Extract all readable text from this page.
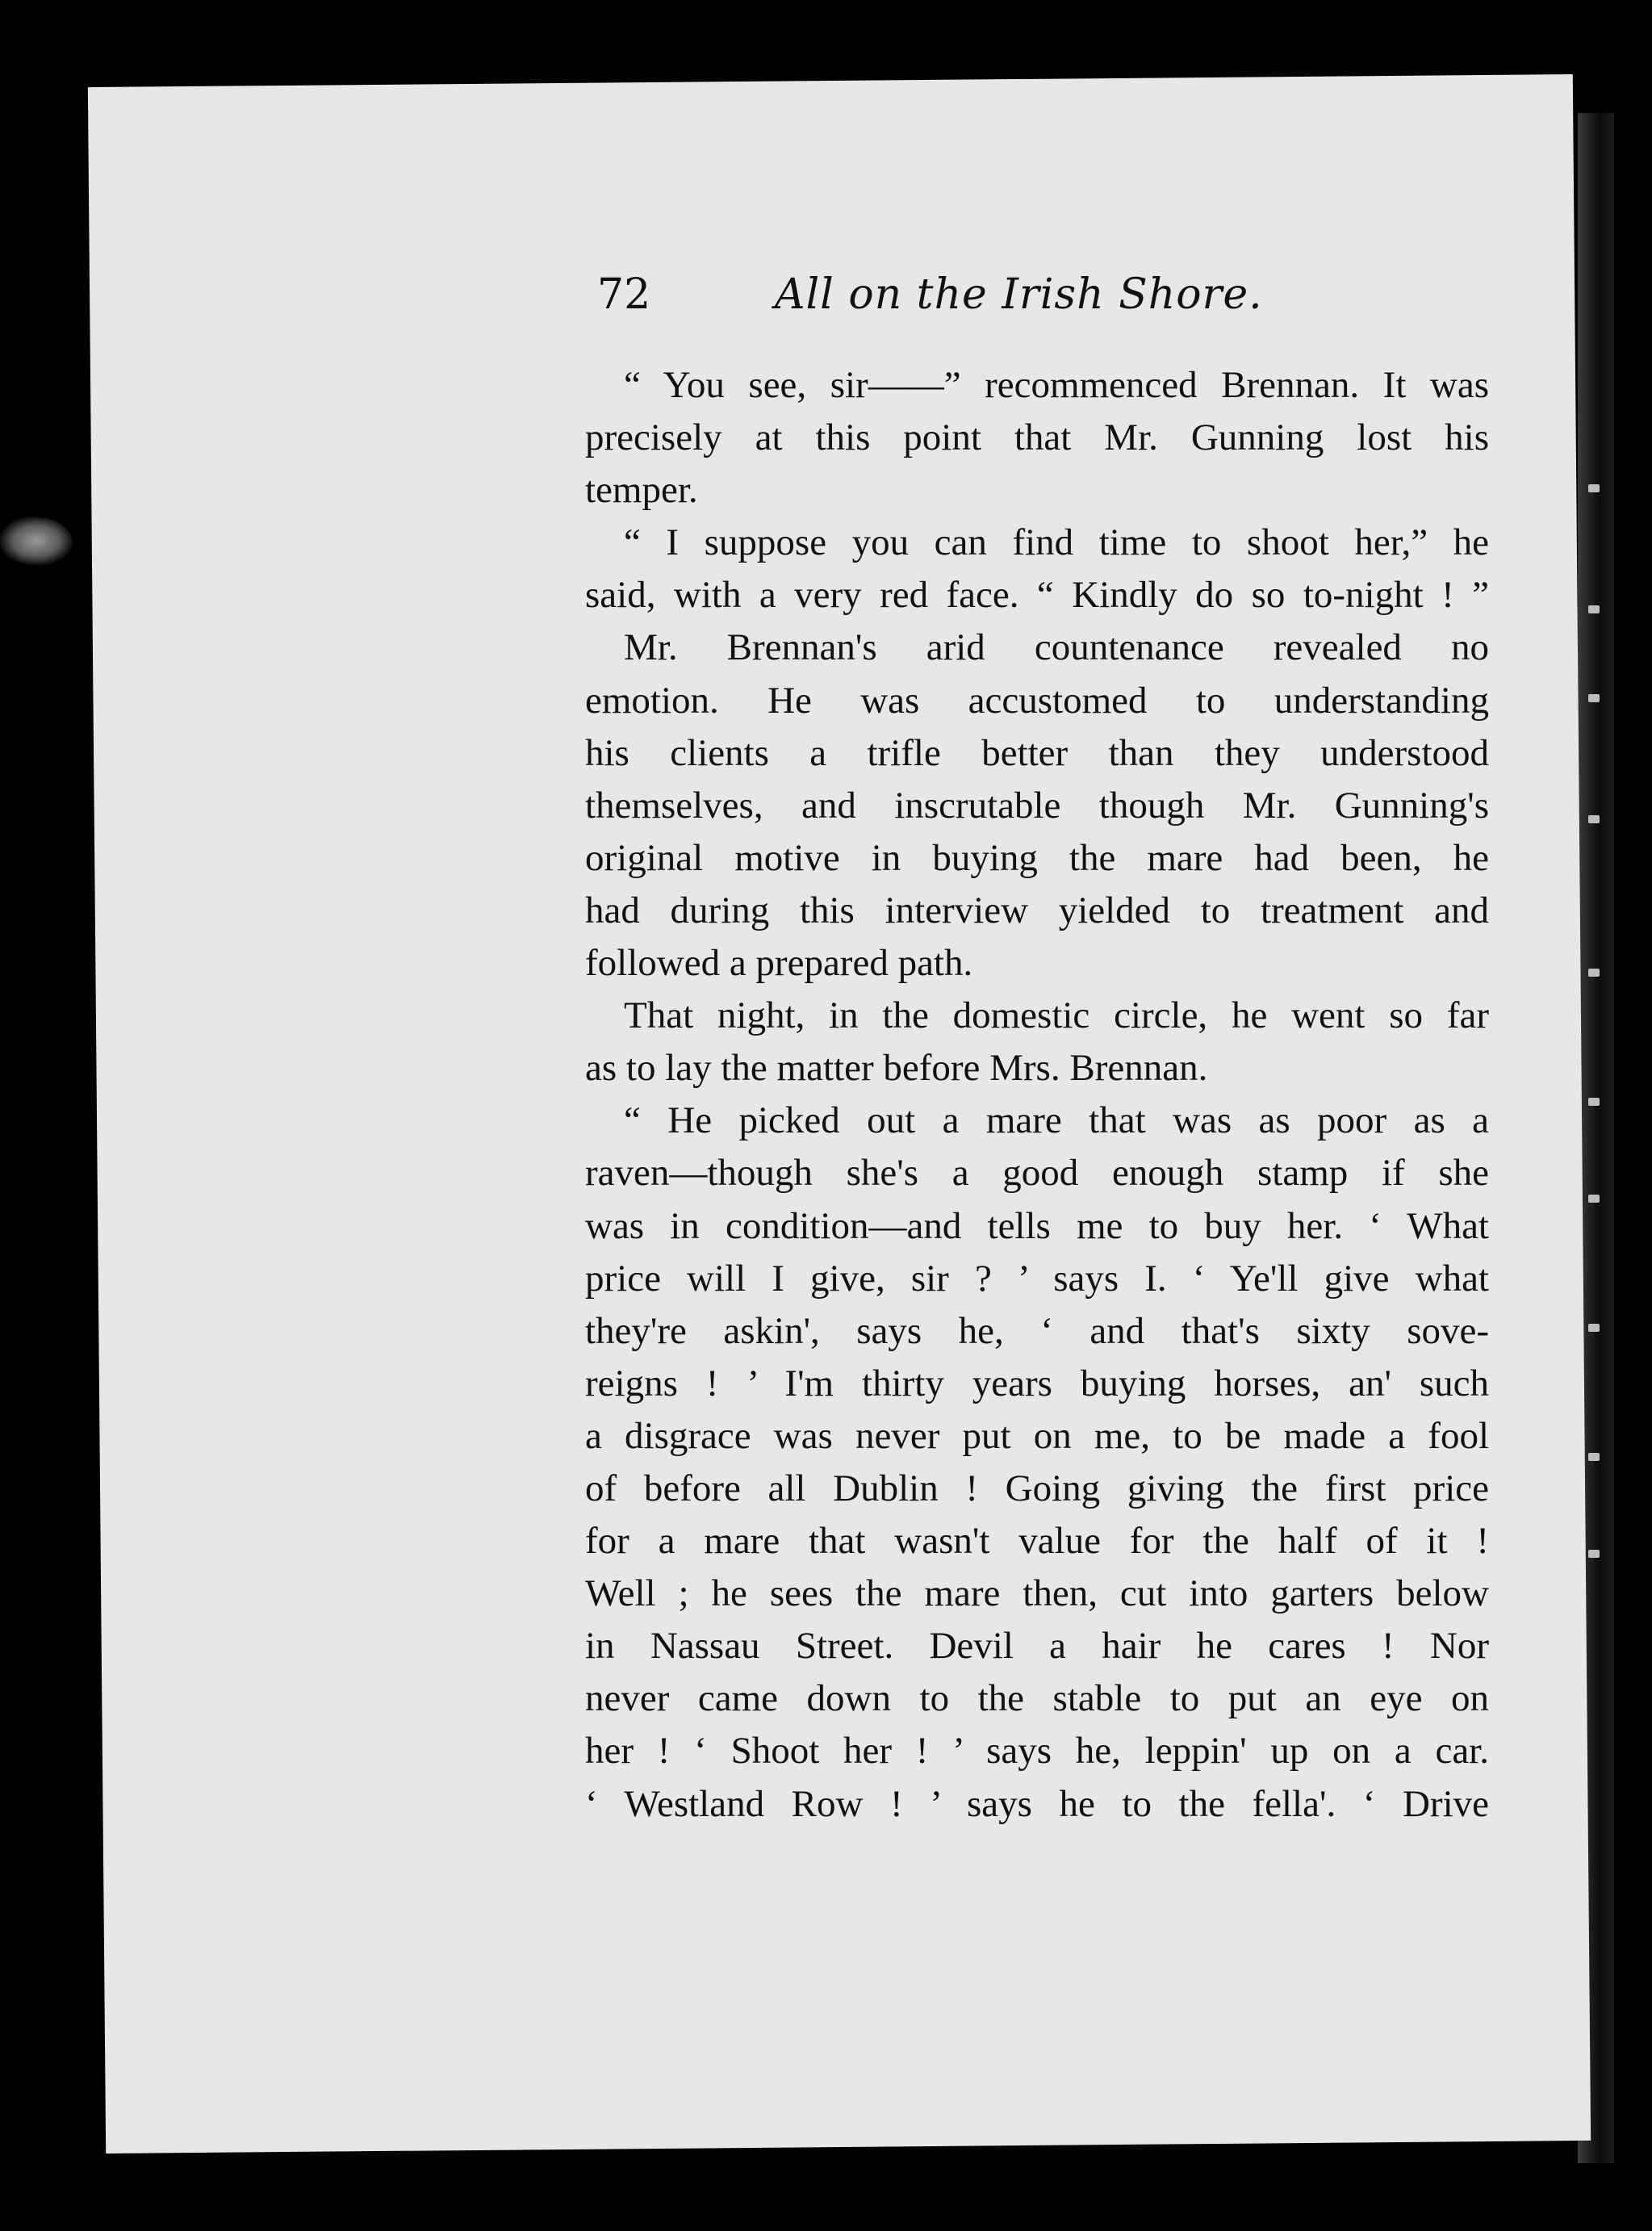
72	All on the Irish Shore.
“ You see, sir——” recommenced Brennan. It was
precisely at this point that Mr. Gunning lost his
temper.
“ I suppose you can find time to shoot her,” he
said, with a very red face. “ Kindly do so to-night ! ”
Mr. Brennan's arid countenance revealed no
emotion. He was accustomed to understanding
his clients a trifle better than they understood
themselves, and inscrutable though Mr. Gunning's
original motive in buying the mare had been, he
had during this interview yielded to treatment and
followed a prepared path.
That night, in the domestic circle, he went so far
as to lay the matter before Mrs. Brennan.
“ He picked out a mare that was as poor as a
raven—though she's a good enough stamp if she
was in condition—and tells me to buy her. ‘ What
price will I give, sir ? ’ says I. ‘ Ye'll give what
they're askin', says he, ‘ and that's sixty sove-
reigns ! ’ I'm thirty years buying horses, an' such
a disgrace was never put on me, to be made a fool
of before all Dublin ! Going giving the first price
for a mare that wasn't value for the half of it !
Well ; he sees the mare then, cut into garters below
in Nassau Street. Devil a hair he cares ! Nor
never came down to the stable to put an eye on
her ! ‘ Shoot her ! ’ says he, leppin' up on a car.
‘ Westland Row ! ’ says he to the fella'. ‘ Drive
